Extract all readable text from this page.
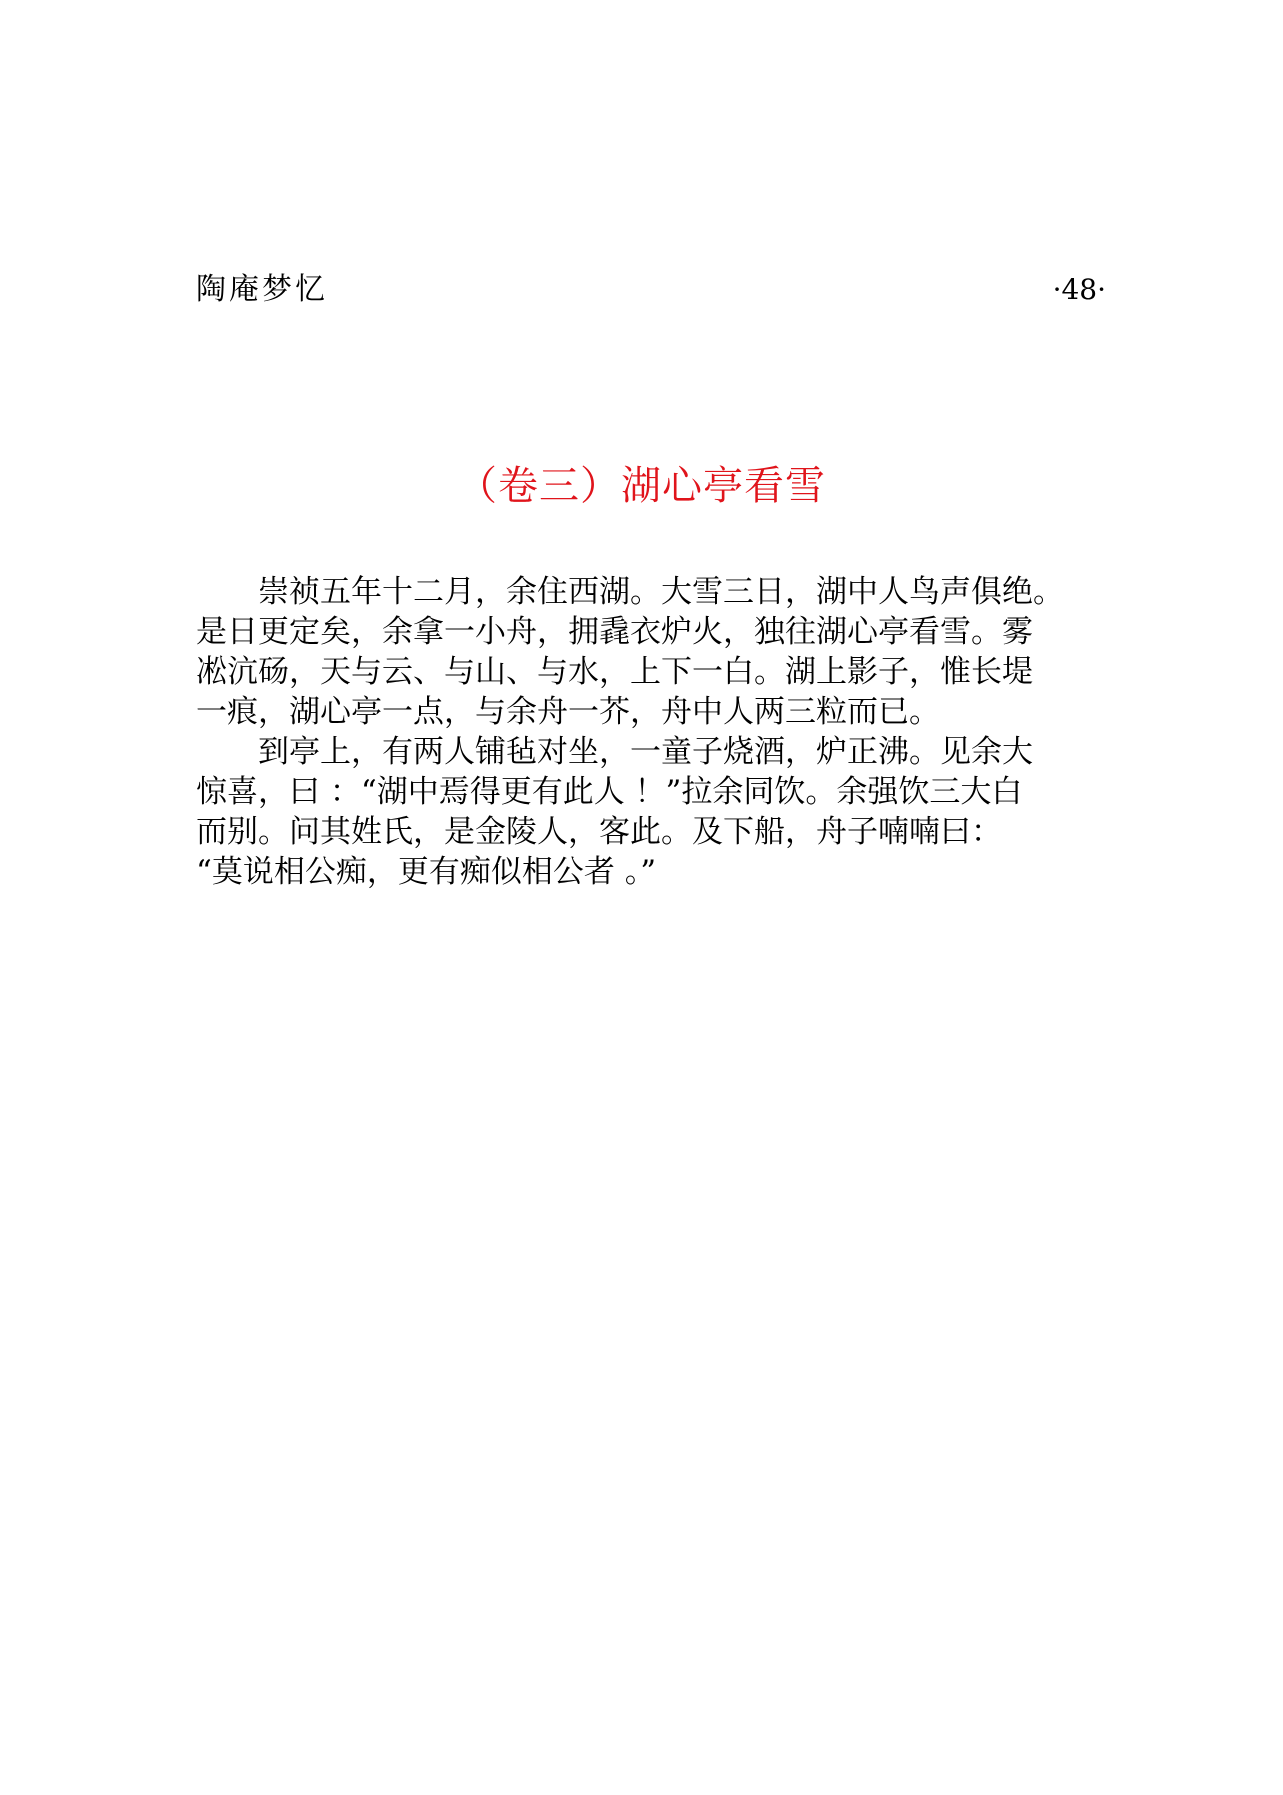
陶庵梦忆	·48·
（卷三）湖心亭看雪
崇祯五年十二月，余住西湖。大雪三日，湖中人鸟声俱绝。
是日更定矣，余拿一小舟，拥毳衣炉火，独往湖心亭看雪。雾
凇沆砀，天与云、与山、与水，上下一白。湖上影子，惟长堤
一痕，湖心亭一点，与余舟一芥，舟中人两三粒而已。
到亭上，有两人铺毡对坐，一童子烧酒，炉正沸。见余大
惊喜，曰 ：“湖中焉得更有此人 ！”拉余同饮。余强饮三大白
而别。问其姓氏，是金陵人，客此。及下船，舟子喃喃曰：
“莫说相公痴，更有痴似相公者 。”
